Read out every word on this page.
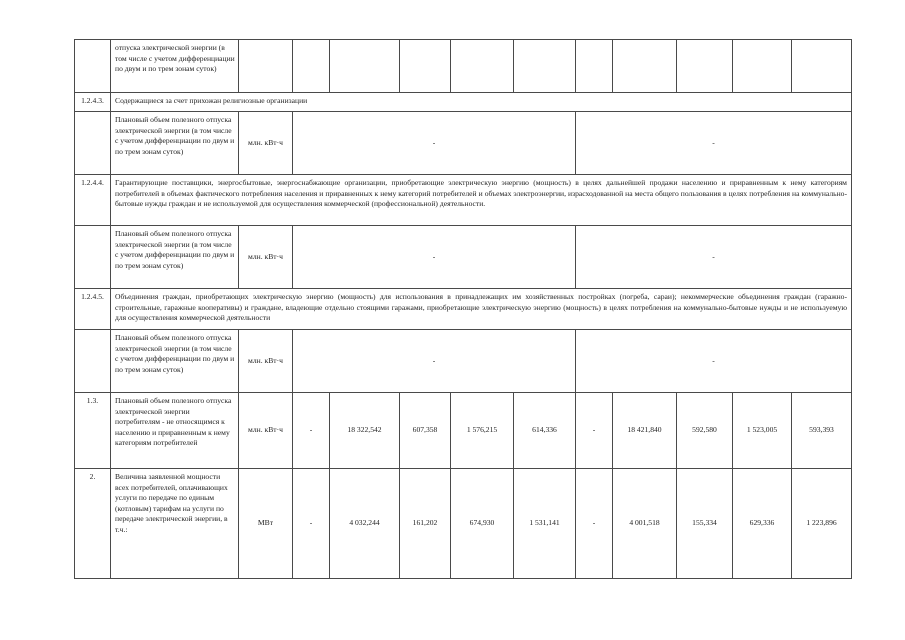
	отпуска электрической энергии (в том числе с учетом дифференциации по двум и по трем зонам суток)											
1.2.4.3.	Содержащиеся за счет прихожан религиозные организации											
	Плановый объем полезного отпуска электрической энергии (в том числе с учетом дифференциации по двум и по трем зонам суток)	млн. кВт·ч	-					-				
1.2.4.4.	Гарантирующие поставщики, энергосбытовые, энергоснабжающие организации, приобретающие электрическую энергию (мощность) в целях дальнейшей продажи населению и приравненным к нему категориям потребителей в объемах фактического потребления населения и приравненных к нему категорий потребителей и объемах электроэнергии, израсходованной на места общего пользования в целях потребления на коммунально-бытовые нужды граждан и не используемой для осуществления коммерческой (профессиональной) деятельности.											
	Плановый объем полезного отпуска электрической энергии (в том числе с учетом дифференциации по двум и по трем зонам суток)	млн. кВт·ч	-					-				
1.2.4.5.	Объединения граждан, приобретающих электрическую энергию (мощность) для использования в принадлежащих им хозяйственных постройках (погреба, сараи); некоммерческие объединения граждан (гаражно-строительные, гаражные кооперативы) и граждане, владеющие отдельно стоящими гаражами, приобретающие электрическую энергию (мощность) в целях потребления на коммунально-бытовые нужды и не используемую для осуществления коммерческой деятельности											
	Плановый объем полезного отпуска электрической энергии (в том числе с учетом дифференциации по двум и по трем зонам суток)	млн. кВт·ч	-					-				
1.3.	Плановый объем полезного отпуска электрической энергии потребителям - не относящимся к населению и приравненным к нему категориям потребителей	млн. кВт·ч	-	18 322,542	607,358	1 576,215	614,336	-	18 421,840	592,580	1 523,005	593,393
2.	Величина заявленной мощности всех потребителей, оплачивающих услуги по передаче по единым (котловым) тарифам на услуги по передаче электрической энергии, в т.ч.:	МВт	-	4 032,244	161,202	674,930	1 531,141	-	4 001,518	155,334	629,336	1 223,896
